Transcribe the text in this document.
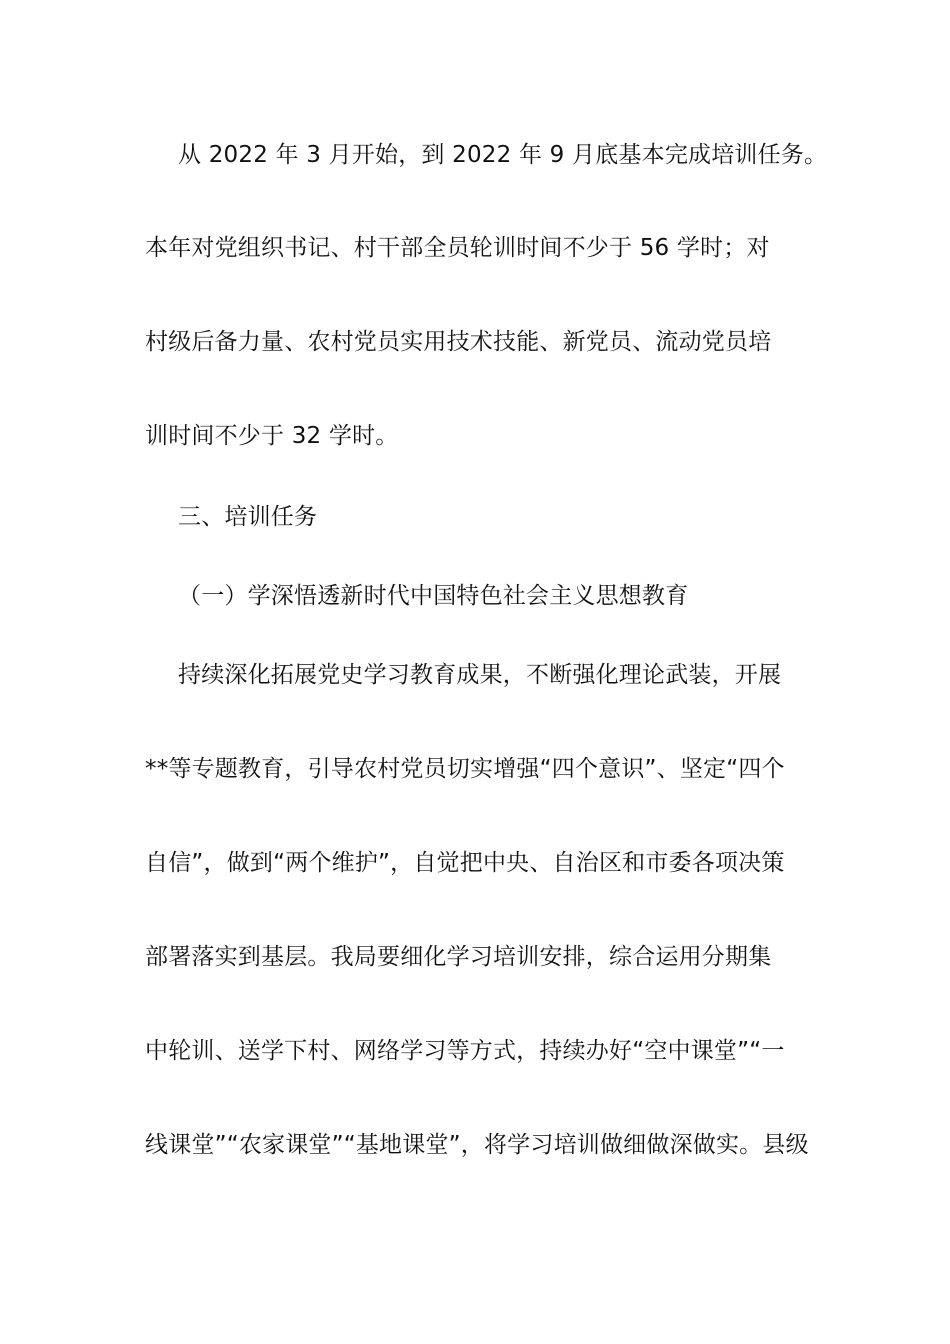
从 2022 年 3 月开始，到 2022 年 9 月底基本完成培训任务。
本年对党组织书记、村干部全员轮训时间不少于 56 学时；对
村级后备力量、农村党员实用技术技能、新党员、流动党员培
训时间不少于 32 学时。
三、培训任务
（一）学深悟透新时代中国特色社会主义思想教育
持续深化拓展党史学习教育成果，不断强化理论武装，开展
**等专题教育，引导农村党员切实增强“四个意识”、坚定“四个
自信”，做到“两个维护”，自觉把中央、自治区和市委各项决策
部署落实到基层。我局要细化学习培训安排，综合运用分期集
中轮训、送学下村、网络学习等方式，持续办好“空中课堂”“一
线课堂”“农家课堂”“基地课堂”，将学习培训做细做深做实。县级
